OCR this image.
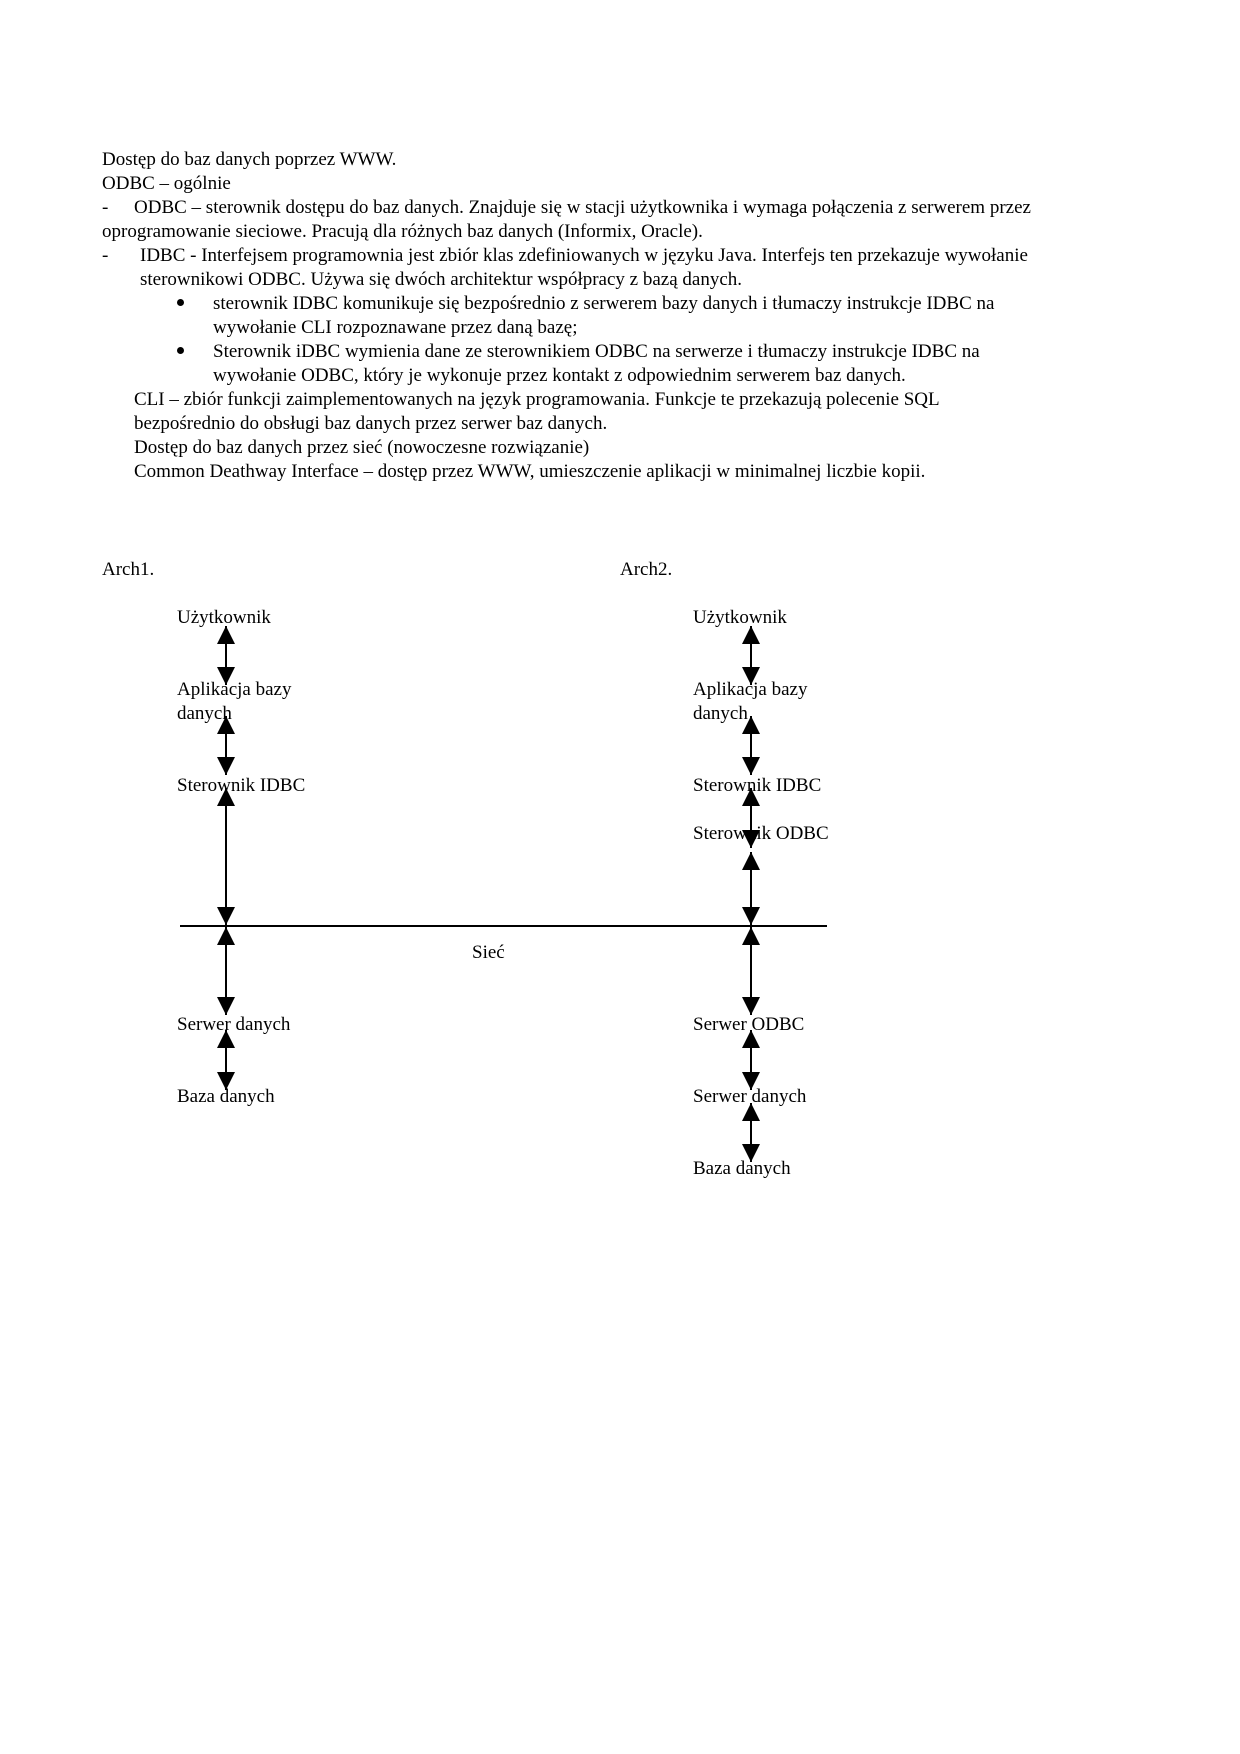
Dostęp do baz danych poprzez WWW.
ODBC – ogólnie
- ODBC – sterownik dostępu do baz danych. Znajduje się w stacji użytkownika i wymaga połączenia z serwerem przez
oprogramowanie sieciowe. Pracują dla różnych baz danych (Informix, Oracle).
- IDBC - Interfejsem programownia jest zbiór klas zdefiniowanych w języku Java. Interfejs ten przekazuje wywołanie
sterownikowi ODBC. Używa się dwóch architektur współpracy z bazą danych.
sterownik IDBC komunikuje się bezpośrednio z serwerem bazy danych i tłumaczy instrukcje IDBC na
wywołanie CLI rozpoznawane przez daną bazę;
Sterownik iDBC wymienia dane ze sterownikiem ODBC na serwerze i tłumaczy instrukcje IDBC na
wywołanie ODBC, który je wykonuje przez kontakt z odpowiednim serwerem baz danych.
CLI – zbiór funkcji zaimplementowanych na język programowania. Funkcje te przekazują polecenie SQL
bezpośrednio do obsługi baz danych przez serwer baz danych.
Dostęp do baz danych przez sieć (nowoczesne rozwiązanie)
Common Deathway Interface – dostęp przez WWW, umieszczenie aplikacji w minimalnej liczbie kopii.
Arch1.
Użytkownik
Aplikacja bazy
danych
Sterownik IDBC
Serwer danych
Baza danych
Sieć
Arch2.
Użytkownik
Aplikacja bazy
danych
Sterownik IDBC
Sterownik ODBC
Serwer ODBC
Serwer danych
Baza danych
